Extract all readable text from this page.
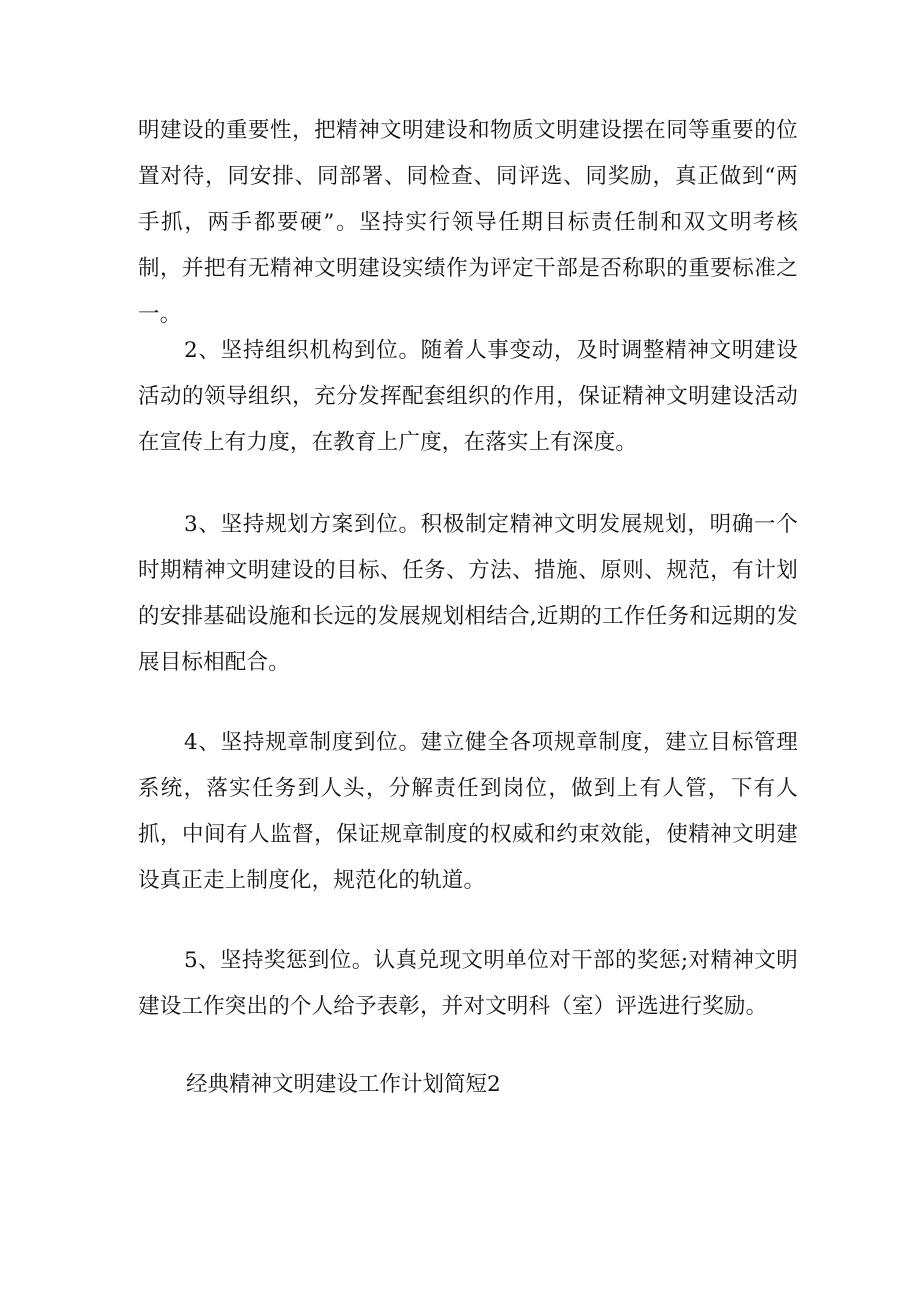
明建设的重要性，把精神文明建设和物质文明建设摆在同等重要的位置对待，同安排、同部署、同检查、同评选、同奖励，真正做到“两手抓，两手都要硬”。坚持实行领导任期目标责任制和双文明考核制，并把有无精神文明建设实绩作为评定干部是否称职的重要标准之一。

2、坚持组织机构到位。随着人事变动，及时调整精神文明建设活动的领导组织，充分发挥配套组织的作用，保证精神文明建设活动在宣传上有力度，在教育上广度，在落实上有深度。

3、坚持规划方案到位。积极制定精神文明发展规划，明确一个时期精神文明建设的目标、任务、方法、措施、原则、规范，有计划的安排基础设施和长远的发展规划相结合,近期的工作任务和远期的发展目标相配合。

4、坚持规章制度到位。建立健全各项规章制度，建立目标管理系统，落实任务到人头，分解责任到岗位，做到上有人管，下有人抓，中间有人监督，保证规章制度的权威和约束效能，使精神文明建设真正走上制度化，规范化的轨道。

5、坚持奖惩到位。认真兑现文明单位对干部的奖惩;对精神文明建设工作突出的个人给予表彰，并对文明科（室）评选进行奖励。

经典精神文明建设工作计划简短2
